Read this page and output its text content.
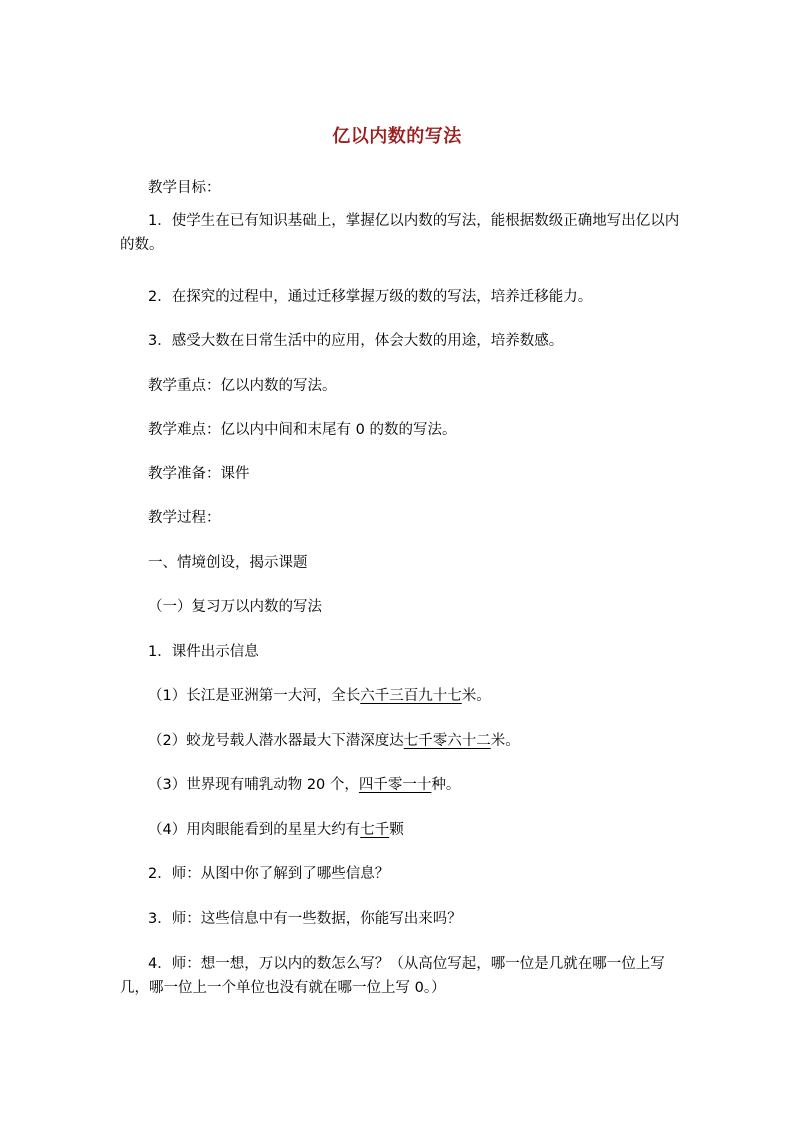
亿以内数的写法
教学目标：
1．使学生在已有知识基础上，掌握亿以内数的写法，能根据数级正确地写出亿以内的数。
2．在探究的过程中，通过迁移掌握万级的数的写法，培养迁移能力。
3．感受大数在日常生活中的应用，体会大数的用途，培养数感。
教学重点：亿以内数的写法。
教学难点：亿以内中间和末尾有 0 的数的写法。
教学准备：课件
教学过程：
一、情境创设，揭示课题
（一）复习万以内数的写法
1．课件出示信息
（1）长江是亚洲第一大河，全长六千三百九十七米。
（2）蛟龙号载人潜水器最大下潜深度达七千零六十二米。
（3）世界现有哺乳动物 20 个，四千零一十种。
（4）用肉眼能看到的星星大约有七千颗
2．师：从图中你了解到了哪些信息？
3．师：这些信息中有一些数据，你能写出来吗？
4．师：想一想，万以内的数怎么写？（从高位写起，哪一位是几就在哪一位上写几，哪一位上一个单位也没有就在哪一位上写 0。）
